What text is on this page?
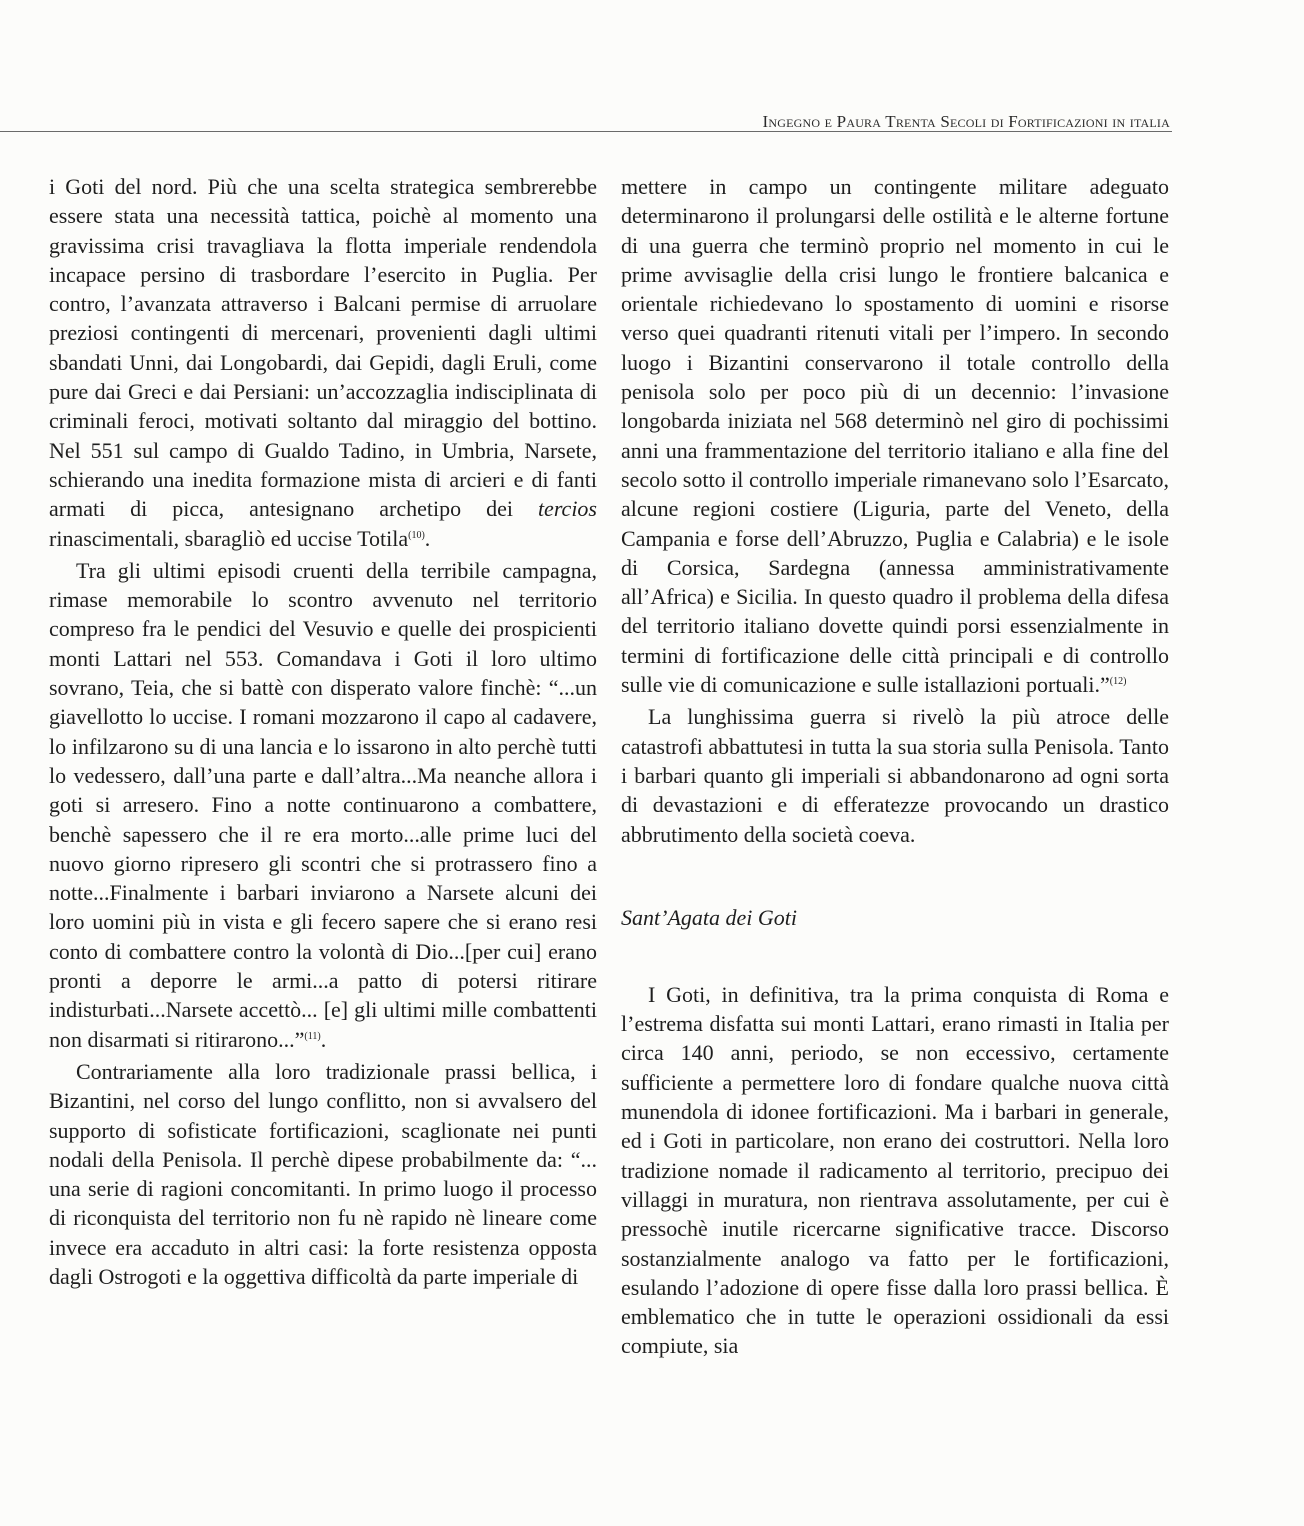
Ingegno e Paura Trenta Secoli di Fortificazioni in italia

i Goti del nord. Più che una scelta strategica sembrerebbe essere stata una necessità tattica, poichè al momento una gravissima crisi travagliava la flotta imperiale rendendola incapace persino di trasbordare l’esercito in Puglia. Per contro, l’avanzata attraverso i Balcani permise di arruolare preziosi contingenti di mercenari, provenienti dagli ultimi sbandati Unni, dai Longobardi, dai Gepidi, dagli Eruli, come pure dai Greci e dai Persiani: un’accozzaglia indisciplinata di criminali feroci, motivati soltanto dal miraggio del bottino. Nel 551 sul campo di Gualdo Tadino, in Umbria, Narsete, schierando una inedita formazione mista di arcieri e di fanti armati di picca, antesignano archetipo dei tercios rinascimentali, sbaragliò ed uccise Totila$^{(10)}$.

Tra gli ultimi episodi cruenti della terribile campagna, rimase memorabile lo scontro avvenuto nel territorio compreso fra le pendici del Vesuvio e quelle dei prospicienti monti Lattari nel 553. Comandava i Goti il loro ultimo sovrano, Teia, che si battè con disperato valore finchè: “...un giavellotto lo uccise. I romani mozzarono il capo al cadavere, lo infilzarono su di una lancia e lo issarono in alto perchè tutti lo vedessero, dall’una parte e dall’altra...Ma neanche allora i goti si arresero. Fino a notte continuarono a combattere, benchè sapessero che il re era morto...alle prime luci del nuovo giorno ripresero gli scontri che si protrassero fino a notte...Finalmente i barbari inviarono a Narsete alcuni dei loro uomini più in vista e gli fecero sapere che si erano resi conto di combattere contro la volontà di Dio...[per cui] erano pronti a deporre le armi...a patto di potersi ritirare indisturbati...Narsete accettò... [e] gli ultimi mille combattenti non disarmati si ritirarono...”$^{(11)}$.

Contrariamente alla loro tradizionale prassi bellica, i Bizantini, nel corso del lungo conflitto, non si avvalsero del supporto di sofisticate fortificazioni, scaglionate nei punti nodali della Penisola. Il perchè dipese probabilmente da: “... una serie di ragioni concomitanti. In primo luogo il processo di riconquista del territorio non fu nè rapido nè lineare come invece era accaduto in altri casi: la forte resistenza opposta dagli Ostrogoti e la oggettiva difficoltà da parte imperiale di

mettere in campo un contingente militare adeguato determinarono il prolungarsi delle ostilità e le alterne fortune di una guerra che terminò proprio nel momento in cui le prime avvisaglie della crisi lungo le frontiere balcanica e orientale richiedevano lo spostamento di uomini e risorse verso quei quadranti ritenuti vitali per l’impero. In secondo luogo i Bizantini conservarono il totale controllo della penisola solo per poco più di un decennio: l’invasione longobarda iniziata nel 568 determinò nel giro di pochissimi anni una frammentazione del territorio italiano e alla fine del secolo sotto il controllo imperiale rimanevano solo l’Esarcato, alcune regioni costiere (Liguria, parte del Veneto, della Campania e forse dell’Abruzzo, Puglia e Calabria) e le isole di Corsica, Sardegna (annessa amministrativamente all’Africa) e Sicilia. In questo quadro il problema della difesa del territorio italiano dovette quindi porsi essenzialmente in termini di fortificazione delle città principali e di controllo sulle vie di comunicazione e sulle istallazioni portuali.”$^{(12)}$

La lunghissima guerra si rivelò la più atroce delle catastrofi abbattutesi in tutta la sua storia sulla Penisola. Tanto i barbari quanto gli imperiali si abbandonarono ad ogni sorta di devastazioni e di efferatezze provocando un drastico abbrutimento della società coeva.

Sant’Agata dei Goti

I Goti, in definitiva, tra la prima conquista di Roma e l’estrema disfatta sui monti Lattari, erano rimasti in Italia per circa 140 anni, periodo, se non eccessivo, certamente sufficiente a permettere loro di fondare qualche nuova città munendola di idonee fortificazioni. Ma i barbari in generale, ed i Goti in particolare, non erano dei costruttori. Nella loro tradizione nomade il radicamento al territorio, precipuo dei villaggi in muratura, non rientrava assolutamente, per cui è pressochè inutile ricercarne significative tracce. Discorso sostanzialmente analogo va fatto per le fortificazioni, esulando l’adozione di opere fisse dalla loro prassi bellica. È emblematico che in tutte le operazioni ossidionali da essi compiute, sia
